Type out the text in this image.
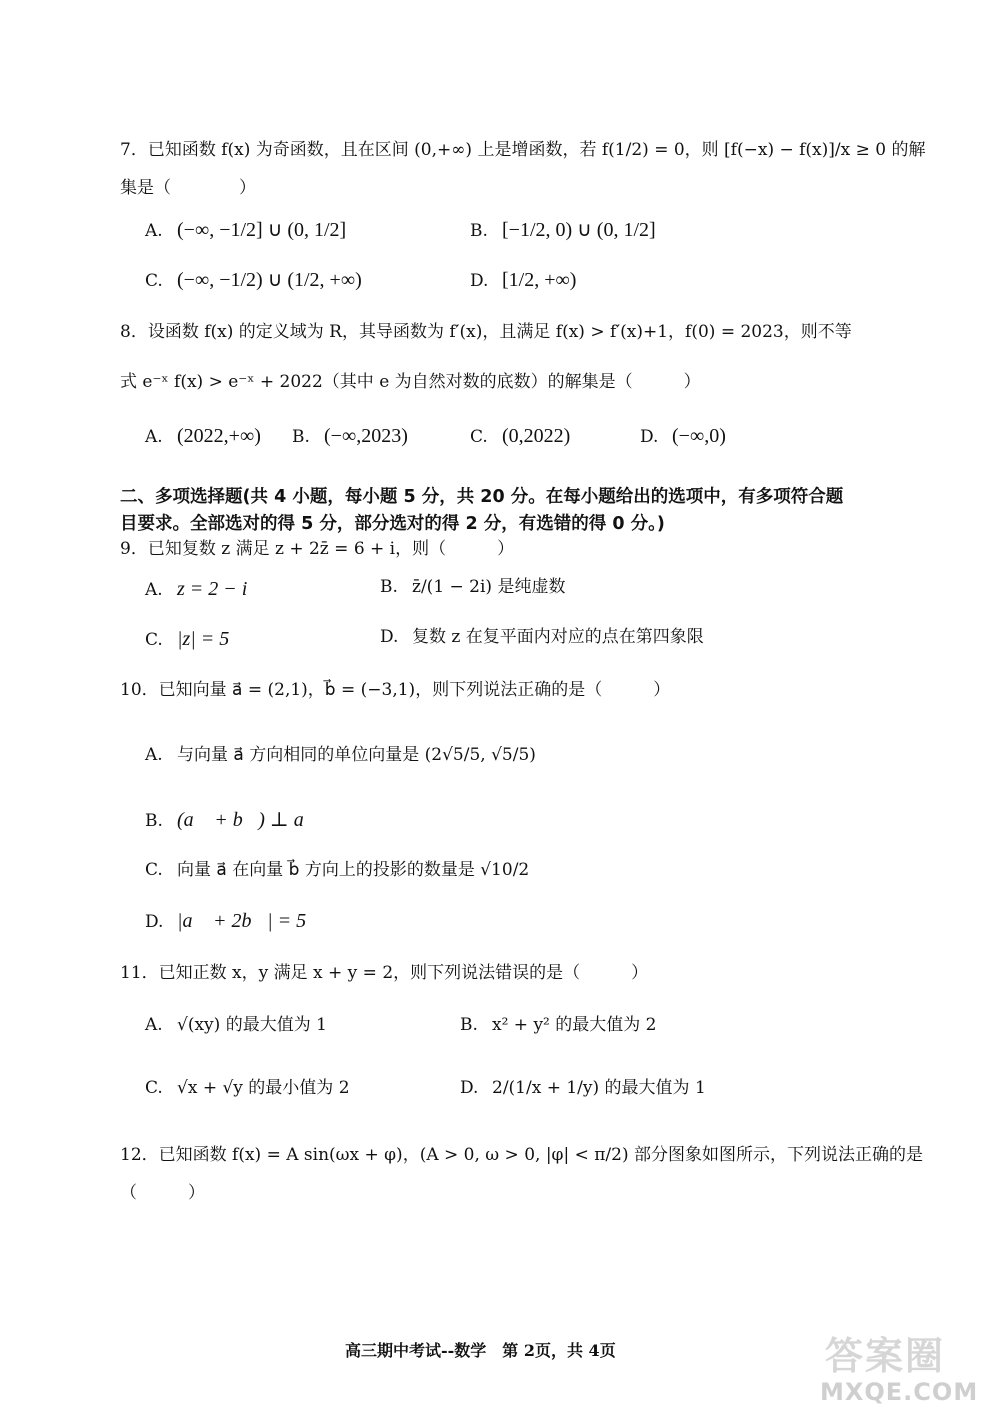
7．已知函数 f(x) 为奇函数，且在区间 (0,+∞) 上是增函数，若 f(1/2) = 0，则 [f(−x) − f(x)]/x ≥ 0 的解
集是（　　　　）
A. (−∞, −1/2] ∪ (0, 1/2]	B. [−1/2, 0) ∪ (0, 1/2]
C. (−∞, −1/2) ∪ (1/2, +∞)	D. [1/2, +∞)
8．设函数 f(x) 的定义域为 R，其导函数为 f′(x)，且满足 f(x) > f′(x)+1，f(0) = 2023，则不等
式 e⁻ˣ f(x) > e⁻ˣ + 2022（其中 e 为自然对数的底数）的解集是（　　　）
A. (2022,+∞) B. (−∞,2023)	C. (0,2022)	D. (−∞,0)
二、多项选择题(共 4 小题，每小题 5 分，共 20 分。在每小题给出的选项中，有多项符合题
目要求。全部选对的得 5 分，部分选对的得 2 分，有选错的得 0 分。)
9．已知复数 z 满足 z + 2z̄ = 6 + i，则（　　　）
A. z = 2 − i	B. z̄/(1 − 2i) 是纯虚数
C. |z| = 5	D. 复数 z 在复平面内对应的点在第四象限
10．已知向量 a⃗ = (2,1)，b⃗ = (−3,1)，则下列说法正确的是（　　　）
A. 与向量 a⃗ 方向相同的单位向量是 (2√5/5, √5/5)
B. (a⃗ + b⃗) ⊥ a⃗
C. 向量 a⃗ 在向量 b⃗ 方向上的投影的数量是 √10/2
D. |a⃗ + 2b⃗| = 5
11．已知正数 x，y 满足 x + y = 2，则下列说法错误的是（　　　）
A. √(xy) 的最大值为 1	B. x² + y² 的最大值为 2
C. √x + √y 的最小值为 2	D. 2/(1/x + 1/y) 的最大值为 1
12．已知函数 f(x) = A sin(ωx + φ)，(A > 0, ω > 0, |φ| < π/2) 部分图象如图所示，下列说法正确的是
（　　　）
高三期中考试--数学　第 2页，共 4页	答案圈
MXQE.COM
